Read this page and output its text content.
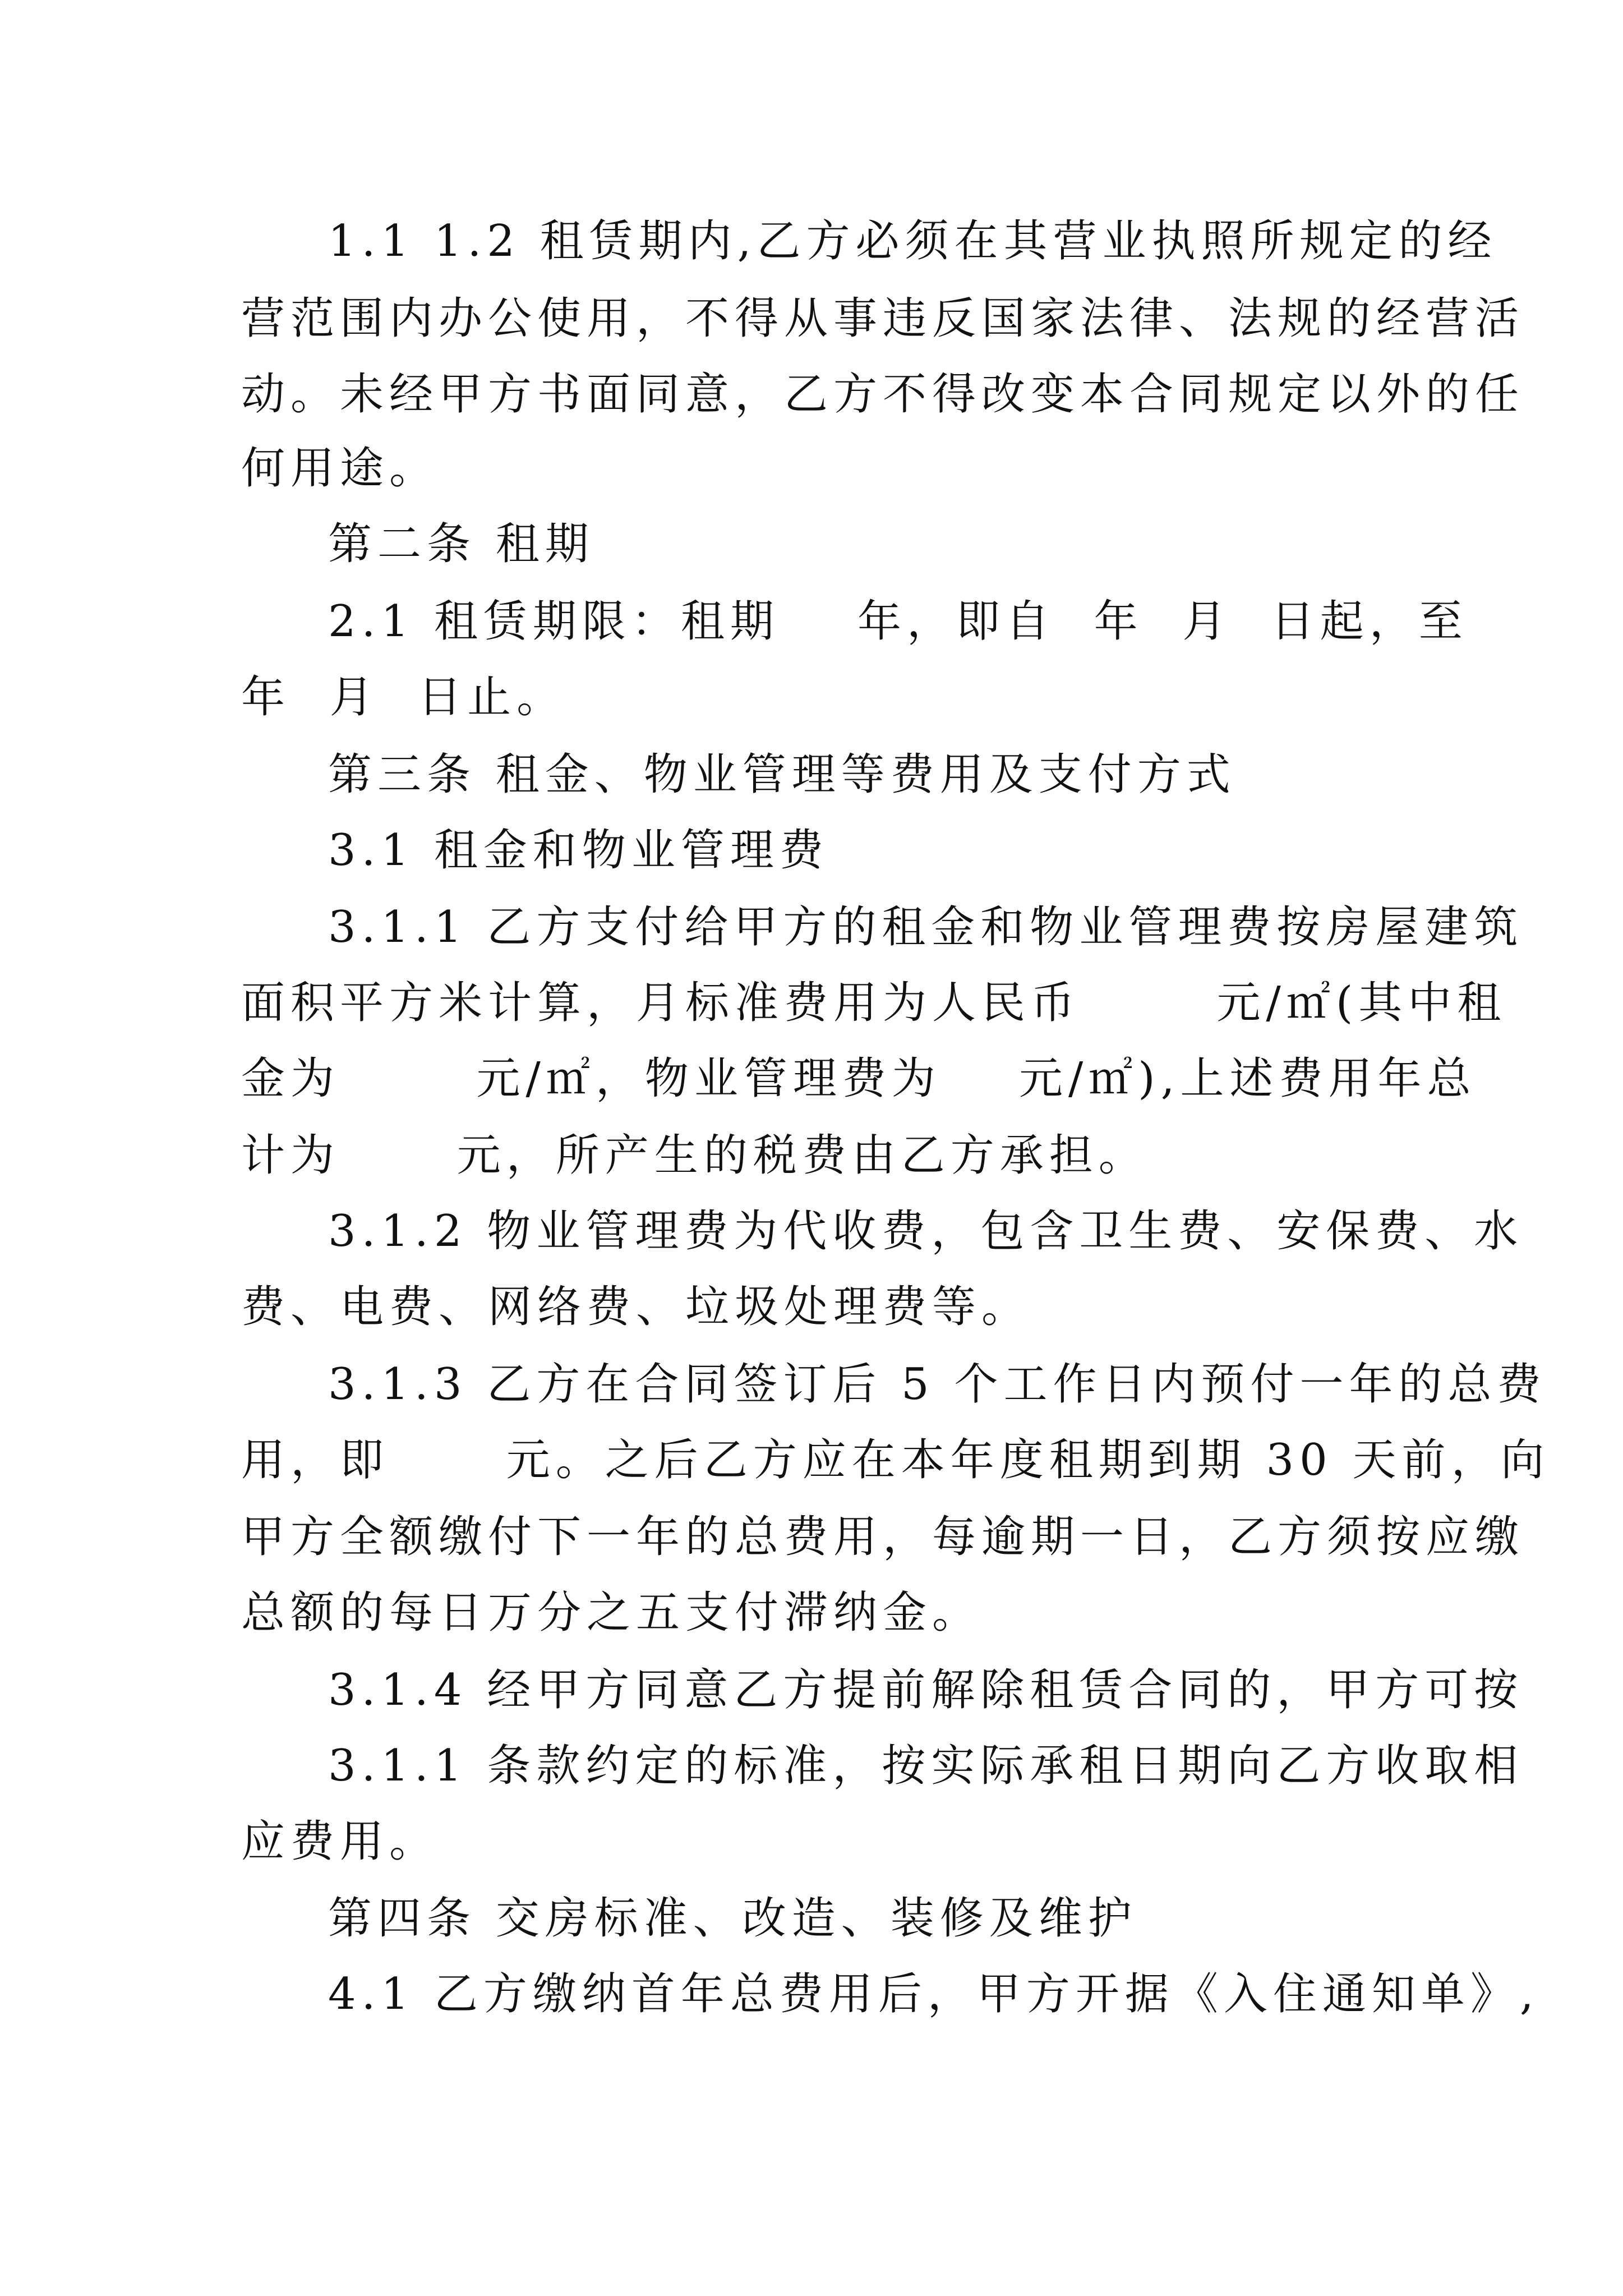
1.1 1.2 租赁期内,乙方必须在其营业执照所规定的经
营范围内办公使用，不得从事违反国家法律、法规的经营活
动。未经甲方书面同意，乙方不得改变本合同规定以外的任
何用途。
第二条 租期
2.1 租赁期限：租期    年，即自  年  月  日起，至
年  月  日止。
第三条 租金、物业管理等费用及支付方式
3.1 租金和物业管理费
3.1.1 乙方支付给甲方的租金和物业管理费按房屋建筑
面积平方米计算，月标准费用为人民币       元/㎡(其中租
金为       元/㎡，物业管理费为    元/㎡),上述费用年总
计为      元，所产生的税费由乙方承担。
3.1.2 物业管理费为代收费，包含卫生费、安保费、水
费、电费、网络费、垃圾处理费等。
3.1.3 乙方在合同签订后 5 个工作日内预付一年的总费
用，即      元。之后乙方应在本年度租期到期 30 天前，向
甲方全额缴付下一年的总费用，每逾期一日，乙方须按应缴
总额的每日万分之五支付滞纳金。
3.1.4 经甲方同意乙方提前解除租赁合同的，甲方可按
3.1.1 条款约定的标准，按实际承租日期向乙方收取相
应费用。
第四条 交房标准、改造、装修及维护
4.1 乙方缴纳首年总费用后，甲方开据《入住通知单》,
